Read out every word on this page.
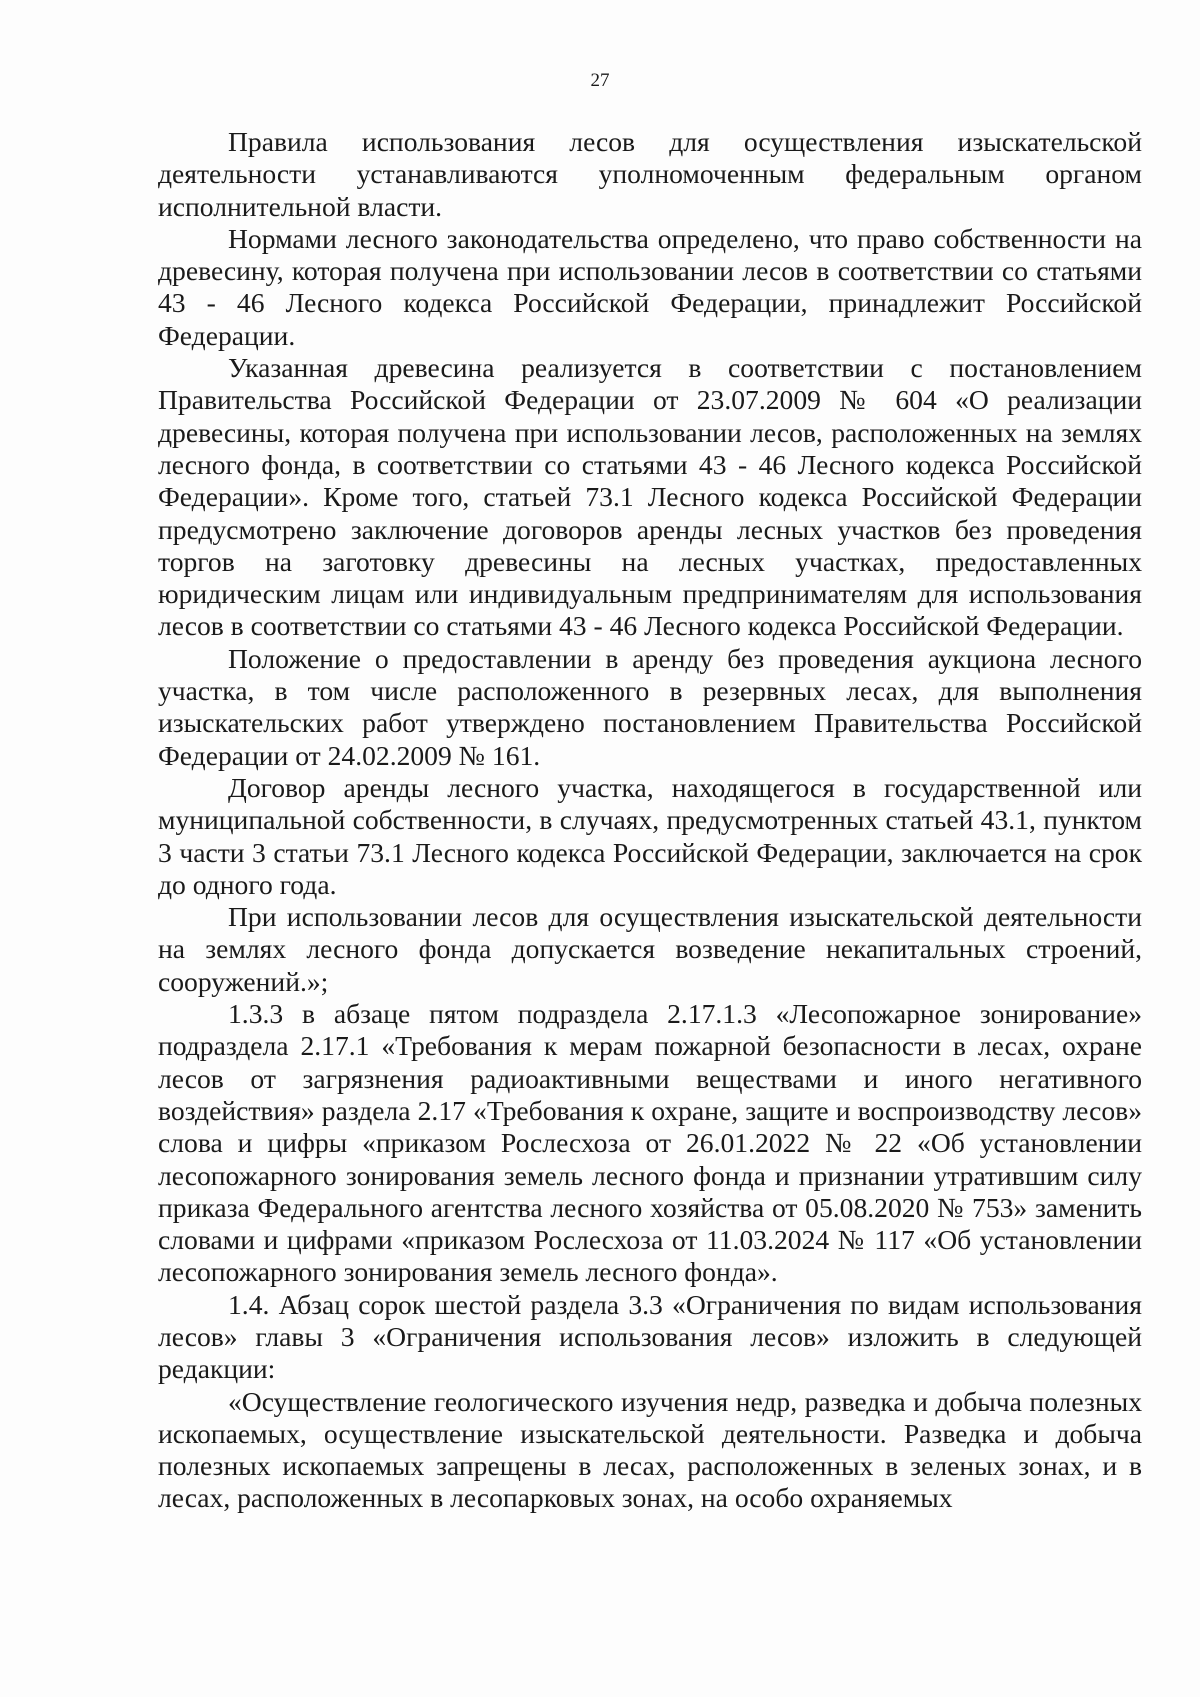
27

Правила использования лесов для осуществления изыскательской деятельности устанавливаются уполномоченным федеральным органом исполнительной власти.

Нормами лесного законодательства определено, что право собственности на древесину, которая получена при использовании лесов в соответствии со статьями 43 - 46 Лесного кодекса Российской Федерации, принадлежит Российской Федерации.

Указанная древесина реализуется в соответствии с постановлением Правительства Российской Федерации от 23.07.2009 № 604 «О реализации древесины, которая получена при использовании лесов, расположенных на землях лесного фонда, в соответствии со статьями 43 - 46 Лесного кодекса Российской Федерации». Кроме того, статьей 73.1 Лесного кодекса Российской Федерации предусмотрено заключение договоров аренды лесных участков без проведения торгов на заготовку древесины на лесных участках, предоставленных юридическим лицам или индивидуальным предпринимателям для использования лесов в соответствии со статьями 43 - 46 Лесного кодекса Российской Федерации.

Положение о предоставлении в аренду без проведения аукциона лесного участка, в том числе расположенного в резервных лесах, для выполнения изыскательских работ утверждено постановлением Правительства Российской Федерации от 24.02.2009 № 161.

Договор аренды лесного участка, находящегося в государственной или муниципальной собственности, в случаях, предусмотренных статьей 43.1, пунктом 3 части 3 статьи 73.1 Лесного кодекса Российской Федерации, заключается на срок до одного года.

При использовании лесов для осуществления изыскательской деятельности на землях лесного фонда допускается возведение некапитальных строений, сооружений.»;

1.3.3 в абзаце пятом подраздела 2.17.1.3 «Лесопожарное зонирование» подраздела 2.17.1 «Требования к мерам пожарной безопасности в лесах, охране лесов от загрязнения радиоактивными веществами и иного негативного воздействия» раздела 2.17 «Требования к охране, защите и воспроизводству лесов» слова и цифры «приказом Рослесхоза от 26.01.2022 № 22 «Об установлении лесопожарного зонирования земель лесного фонда и признании утратившим силу приказа Федерального агентства лесного хозяйства от 05.08.2020 № 753» заменить словами и цифрами «приказом Рослесхоза от 11.03.2024 № 117 «Об установлении лесопожарного зонирования земель лесного фонда».

1.4. Абзац сорок шестой раздела 3.3 «Ограничения по видам использования лесов» главы 3 «Ограничения использования лесов» изложить в следующей редакции:

«Осуществление геологического изучения недр, разведка и добыча полезных ископаемых, осуществление изыскательской деятельности. Разведка и добыча полезных ископаемых запрещены в лесах, расположенных в зеленых зонах, и в лесах, расположенных в лесопарковых зонах, на особо охраняемых
